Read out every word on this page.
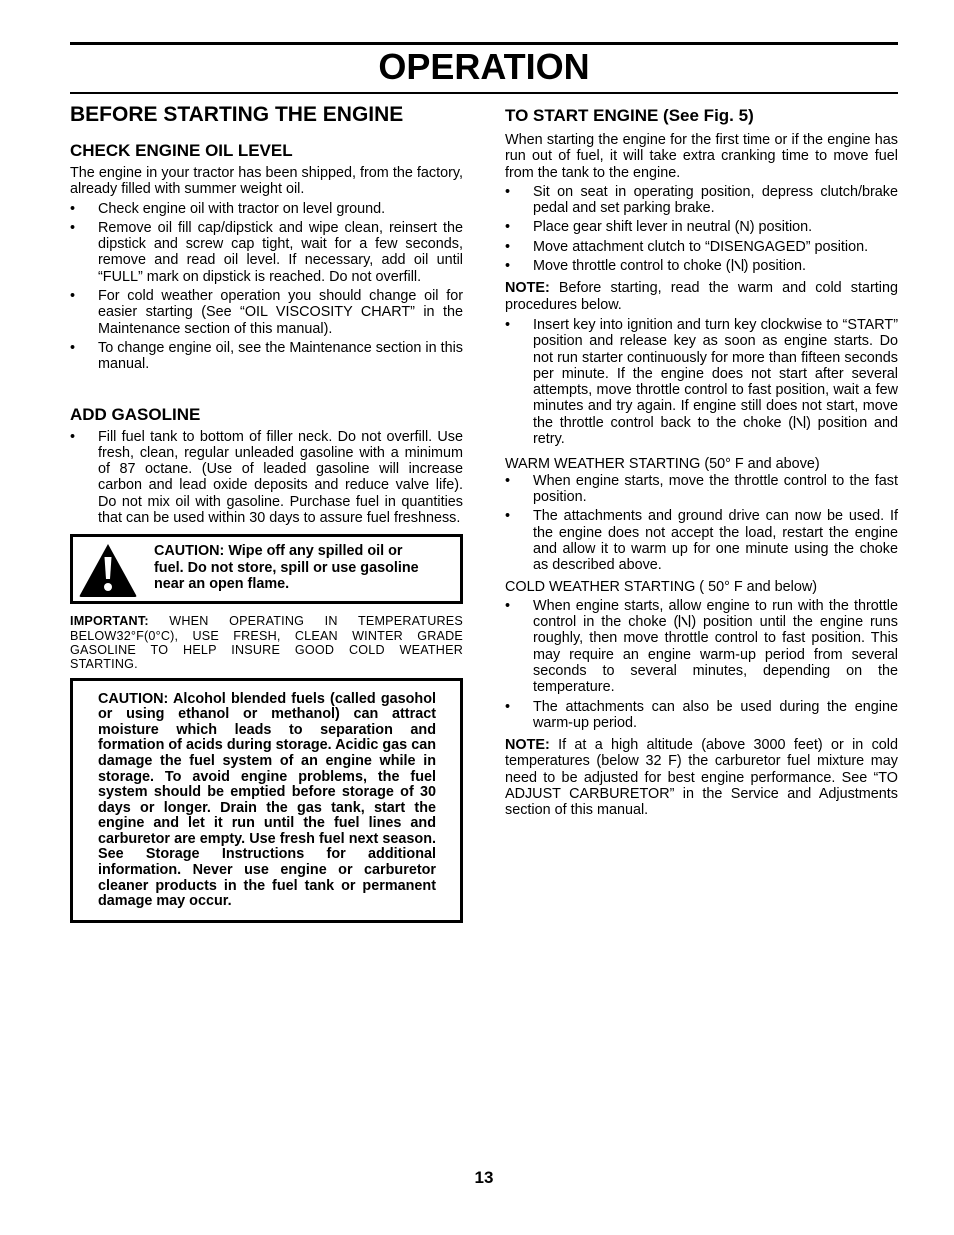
OPERATION
BEFORE STARTING THE ENGINE
CHECK ENGINE OIL LEVEL

The engine in your tractor has been shipped, from the factory, already filled with summer weight oil.

•	Check engine oil with tractor on level ground.
•	Remove oil fill cap/dipstick and wipe clean, reinsert the dipstick and screw cap tight, wait for a few seconds, remove and read oil level. If necessary, add oil until “FULL” mark on dipstick is reached. Do not overfill.
•	For cold weather operation you should change oil for easier starting (See “OIL VISCOSITY CHART” in the Maintenance section of this manual).
•	To change engine oil, see the Maintenance section in this manual.
ADD GASOLINE
•	Fill fuel tank to bottom of filler neck. Do not overfill. Use fresh, clean, regular unleaded gasoline with a minimum of 87 octane. (Use of leaded gasoline will increase carbon and lead oxide deposits and reduce valve life). Do not mix oil with gasoline. Purchase fuel in quantities that can be used within 30 days to assure fuel freshness.
CAUTION: Wipe off any spilled oil or fuel. Do not store, spill or use gasoline near an open flame.

IMPORTANT: WHEN OPERATING IN TEMPERATURES BELOW32°F(0°C), USE FRESH, CLEAN WINTER GRADE GASOLINE TO HELP INSURE GOOD COLD WEATHER STARTING.

CAUTION: Alcohol blended fuels (called gasohol or using ethanol or methanol) can attract moisture which leads to separation and formation of acids during storage. Acidic gas can damage the fuel system of an engine while in storage. To avoid engine problems, the fuel system should be emptied before storage of 30 days or longer. Drain the gas tank, start the engine and let it run until the fuel lines and carburetor are empty. Use fresh fuel next season. See Storage Instructions for additional information. Never use engine or carburetor cleaner products in the fuel tank or permanent damage may occur.

TO START ENGINE (See Fig. 5)

When starting the engine for the first time or if the engine has run out of fuel, it will take extra cranking time to move fuel from the tank to the engine.

•	Sit on seat in operating position, depress clutch/brake pedal and set parking brake.
•	Place gear shift lever in neutral (N) position.
•	Move attachment clutch to “DISENGAGED” position.
•	Move throttle control to choke ( ) position.

NOTE: Before starting, read the warm and cold starting procedures below.

•	Insert key into ignition and turn key clockwise to “START” position and release key as soon as engine starts. Do not run starter continuously for more than fifteen seconds per minute. If the engine does not start after several attempts, move throttle control to fast position, wait a few minutes and try again. If engine still does not start, move the throttle control back to the choke ( ) position and retry.

WARM WEATHER STARTING (50° F and above)

•	When engine starts, move the throttle control to the fast position.
•	The attachments and ground drive can now be used. If the engine does not accept the load, restart the engine and allow it to warm up for one minute using the choke as described above.

COLD WEATHER STARTING ( 50° F and below)

•	When engine starts, allow engine to run with the throttle control in the choke ( ) position until the engine runs roughly, then move throttle control to fast position. This may require an engine warm-up period from several seconds to several minutes, depending on the temperature.
•	The attachments can also be used during the engine warm-up period.

NOTE: If at a high altitude (above 3000 feet) or in cold temperatures (below 32 F) the carburetor fuel mixture may need to be adjusted for best engine performance. See “TO ADJUST CARBURETOR” in the Service and Adjustments section of this manual.

13
